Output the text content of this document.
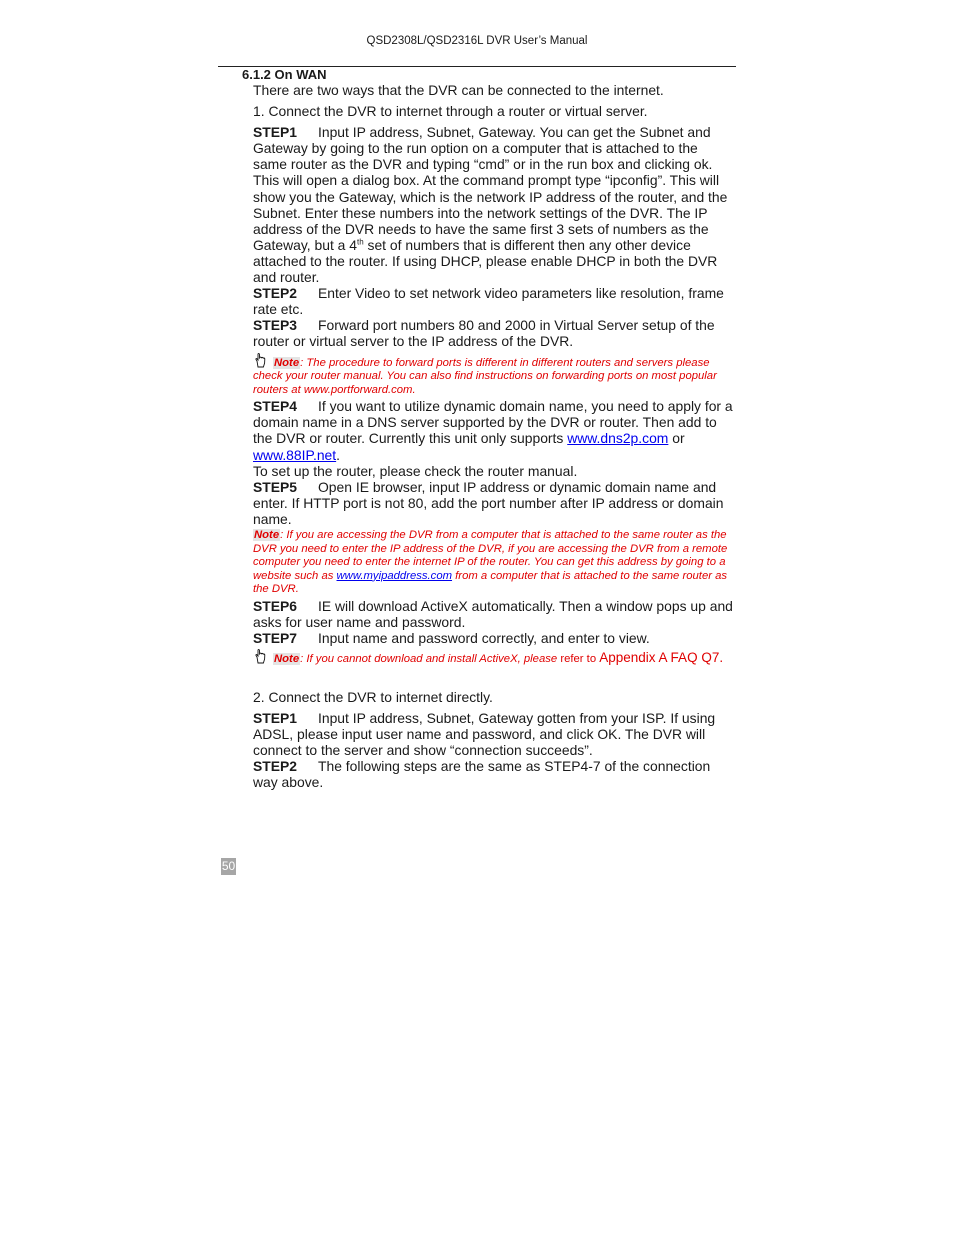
QSD2308L/QSD2316L DVR User’s Manual
6.1.2 On WAN

There are two ways that the DVR can be connected to the internet.

1. Connect the DVR to internet through a router or virtual server.

STEP1 Input IP address, Subnet, Gateway. You can get the Subnet and Gateway by going to the run option on a computer that is attached to the same router as the DVR and typing “cmd” or in the run box and clicking ok. This will open a dialog box. At the command prompt type “ipconfig”. This will show you the Gateway, which is the network IP address of the router, and the Subnet. Enter these numbers into the network settings of the DVR. The IP address of the DVR needs to have the same first 3 sets of numbers as the Gateway, but a 4th set of numbers that is different then any other device attached to the router. If using DHCP, please enable DHCP in both the DVR and router.

STEP2 Enter Video to set network video parameters like resolution, frame rate etc.

STEP3 Forward port numbers 80 and 2000 in Virtual Server setup of the router or virtual server to the IP address of the DVR.

Note: The procedure to forward ports is different in different routers and servers please check your router manual. You can also find instructions on forwarding ports on most popular routers at www.portforward.com.

STEP4 If you want to utilize dynamic domain name, you need to apply for a domain name in a DNS server supported by the DVR or router. Then add to the DVR or router. Currently this unit only supports www.dns2p.com or www.88IP.net.

To set up the router, please check the router manual.

STEP5 Open IE browser, input IP address or dynamic domain name and enter. If HTTP port is not 80, add the port number after IP address or domain name.

Note: If you are accessing the DVR from a computer that is attached to the same router as the DVR you need to enter the IP address of the DVR, if you are accessing the DVR from a remote computer you need to enter the internet IP of the router. You can get this address by going to a website such as www.myipaddress.com from a computer that is attached to the same router as the DVR.

STEP6 IE will download ActiveX automatically. Then a window pops up and asks for user name and password.

STEP7 Input name and password correctly, and enter to view.

Note: If you cannot download and install ActiveX, please refer to Appendix A FAQ Q7.

2. Connect the DVR to internet directly.

STEP1 Input IP address, Subnet, Gateway gotten from your ISP. If using ADSL, please input user name and password, and click OK. The DVR will connect to the server and show “connection succeeds”.

STEP2 The following steps are the same as STEP4-7 of the connection way above.

50
